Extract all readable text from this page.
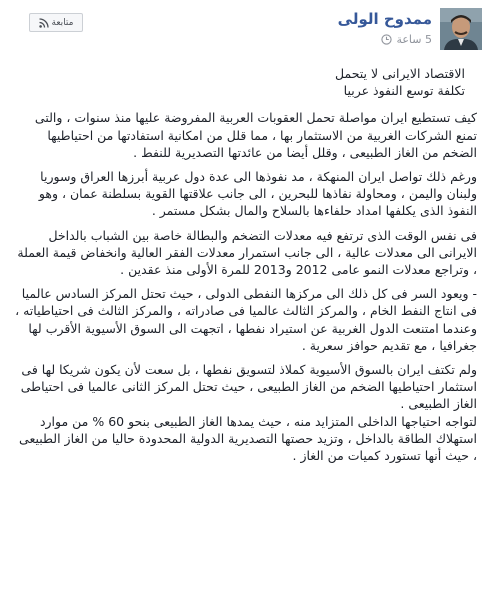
متابعة	ممدوح الولى
5 ساعة

الاقتصاد الايرانى لا يتحمل
تكلفة توسع النفوذ عربيا

كيف تستطيع ايران مواصلة تحمل العقوبات العربية المفروضة عليها منذ سنوات ، والتى تمنع الشركات الغربية من الاستثمار بها ، مما قلل من امكانية استفادتها من احتياطيها الضخم من الغاز الطبيعى ، وقلل أيضا من عائدتها التصديرية للنفط .

ورغم ذلك تواصل ايران المنهكة ، مد نفوذها الى عدة دول عربية أبرزها العراق وسوريا ولبنان واليمن ، ومحاولة نفاذها للبحرين ، الى جانب علاقتها القوية بسلطنة عمان ، وهو النفوذ الذى يكلفها امداد حلفاءها بالسلاح والمال بشكل مستمر .

فى نفس الوقت الذى ترتفع فيه معدلات التضخم والبطالة خاصة بين الشباب بالداخل الايرانى الى معدلات عالية ، الى جانب استمرار معدلات الفقر العالية وانخفاض قيمة العملة ، وتراجع معدلات النمو عامى 2012 و2013 للمرة الأولى منذ عقدين .

- ويعود السر فى كل ذلك الى مركزها النفطى الدولى ، حيث تحتل المركز السادس عالميا فى انتاج النفط الخام ، والمركز الثالث عالميا فى صادراته ، والمركز الثالث فى احتياطياته ، وعندما امتنعت الدول الغربية عن استيراد نفطها ، اتجهت الى السوق الأسيوية الأقرب لها جغرافيا ، مع تقديم حوافز سعرية .

ولم تكتف ايران بالسوق الأسيوية كملاذ لتسويق نفطها ، بل سعت لأن يكون شريكا لها فى استثمار احتياطيها الضخم من الغاز الطبيعى ، حيث تحتل المركز الثانى عالميا فى احتياطى الغاز الطبيعى .

لتواجه احتياجها الداخلى المتزايد منه ، حيث يمدها الغاز الطبيعى بنحو 60 % من موارد استهلاك الطاقة بالداخل ، وتزيد حصتها التصديرية الدولية المحدودة حاليا من الغاز الطبيعى ، حيث أنها تستورد كميات من الغاز .
